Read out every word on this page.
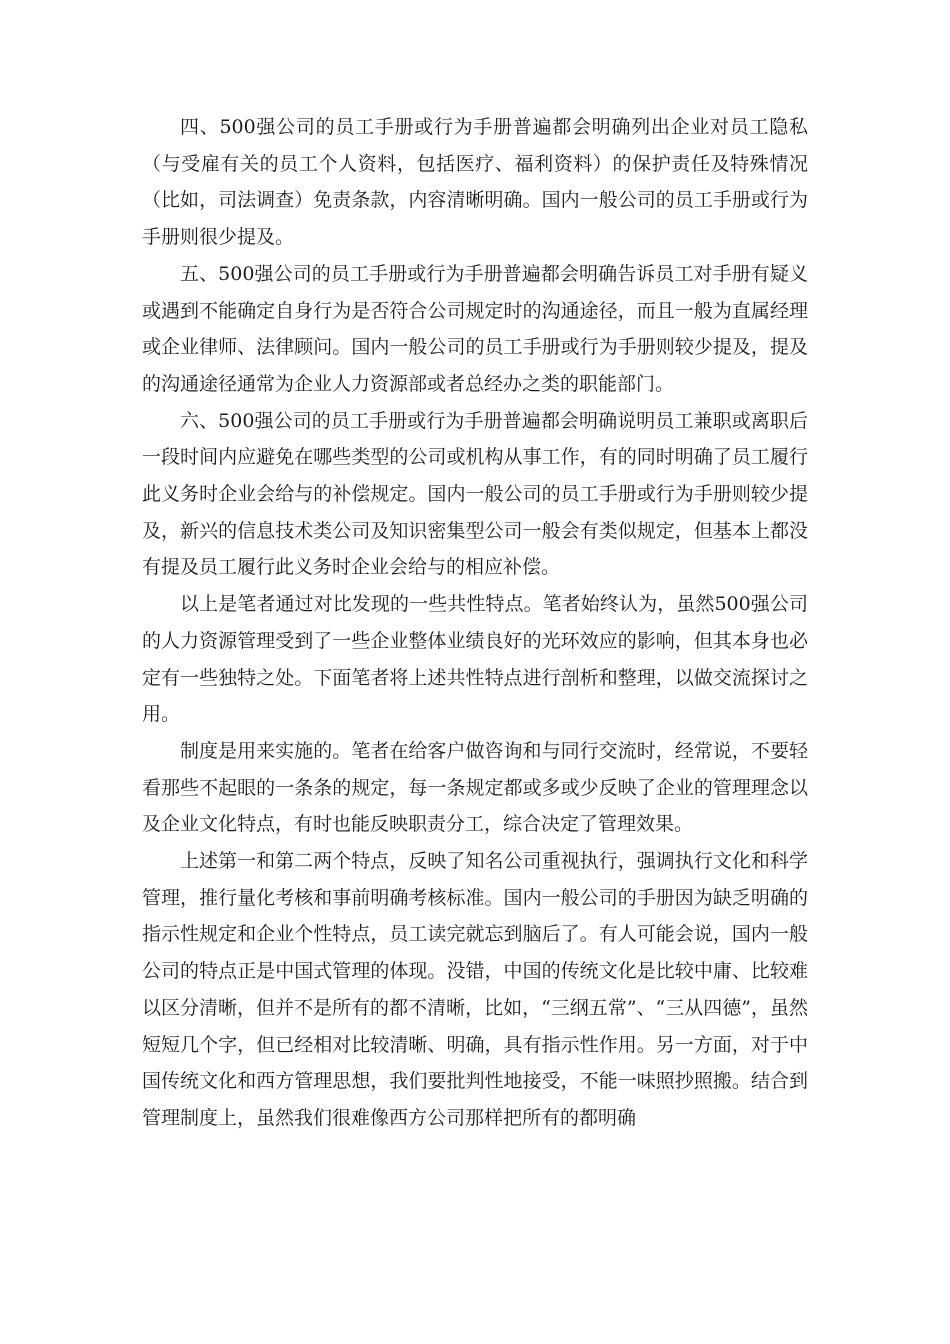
四、500强公司的员工手册或行为手册普遍都会明确列出企业对员工隐私（与受雇有关的员工个人资料，包括医疗、福利资料）的保护责任及特殊情况（比如，司法调查）免责条款，内容清晰明确。国内一般公司的员工手册或行为手册则很少提及。

五、500强公司的员工手册或行为手册普遍都会明确告诉员工对手册有疑义或遇到不能确定自身行为是否符合公司规定时的沟通途径，而且一般为直属经理或企业律师、法律顾问。国内一般公司的员工手册或行为手册则较少提及，提及的沟通途径通常为企业人力资源部或者总经办之类的职能部门。

六、500强公司的员工手册或行为手册普遍都会明确说明员工兼职或离职后一段时间内应避免在哪些类型的公司或机构从事工作，有的同时明确了员工履行此义务时企业会给与的补偿规定。国内一般公司的员工手册或行为手册则较少提及，新兴的信息技术类公司及知识密集型公司一般会有类似规定，但基本上都没有提及员工履行此义务时企业会给与的相应补偿。

以上是笔者通过对比发现的一些共性特点。笔者始终认为，虽然500强公司的人力资源管理受到了一些企业整体业绩良好的光环效应的影响，但其本身也必定有一些独特之处。下面笔者将上述共性特点进行剖析和整理，以做交流探讨之用。

制度是用来实施的。笔者在给客户做咨询和与同行交流时，经常说，不要轻看那些不起眼的一条条的规定，每一条规定都或多或少反映了企业的管理理念以及企业文化特点，有时也能反映职责分工，综合决定了管理效果。

上述第一和第二两个特点，反映了知名公司重视执行，强调执行文化和科学管理，推行量化考核和事前明确考核标准。国内一般公司的手册因为缺乏明确的指示性规定和企业个性特点，员工读完就忘到脑后了。有人可能会说，国内一般公司的特点正是中国式管理的体现。没错，中国的传统文化是比较中庸、比较难以区分清晰，但并不是所有的都不清晰，比如，“三纲五常”、“三从四德”，虽然短短几个字，但已经相对比较清晰、明确，具有指示性作用。另一方面，对于中国传统文化和西方管理思想，我们要批判性地接受，不能一味照抄照搬。结合到管理制度上，虽然我们很难像西方公司那样把所有的都明确
